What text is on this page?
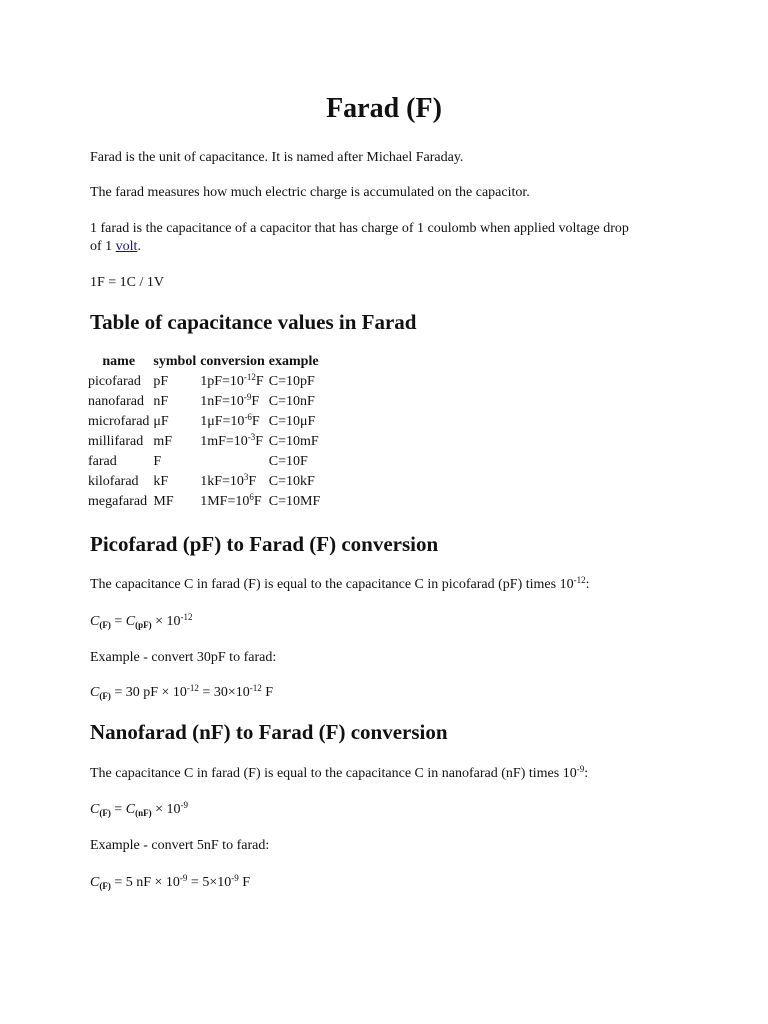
Farad (F)
Farad is the unit of capacitance. It is named after Michael Faraday.
The farad measures how much electric charge is accumulated on the capacitor.
1 farad is the capacitance of a capacitor that has charge of 1 coulomb when applied voltage drop
of 1 volt.
1F = 1C / 1V
Table of capacitance values in Farad
name	symbol	conversion	example
picofarad	pF	$1pF=10^{-12}F$	C=10pF
nanofarad	nF	$1nF=10^{-9}F$	C=10nF
microfarad	μF	$1\mu F=10^{-6}F$	C=10μF
millifarad	mF	$1mF=10^{-3}F$	C=10mF
farad	F		C=10F
kilofarad	kF	$1kF=10^3F$	C=10kF
megafarad	MF	$1MF=10^6F$	C=10MF
Picofarad (pF) to Farad (F) conversion
The capacitance C in farad (F) is equal to the capacitance C in picofarad (pF) times $10^{-12}$:
$C_{(F)} = C_{(pF)} \times 10^{-12}$
Example - convert 30pF to farad:
$C_{(F)} = 30$ pF × $10^{-12} = 30\times 10^{-12}$ F
Nanofarad (nF) to Farad (F) conversion
The capacitance C in farad (F) is equal to the capacitance C in nanofarad (nF) times $10^{-9}$:
$C_{(F)} = C_{(nF)} \times 10^{-9}$
Example - convert 5nF to farad:
$C_{(F)} = 5$ nF × $10^{-9} = 5\times 10^{-9}$ F
